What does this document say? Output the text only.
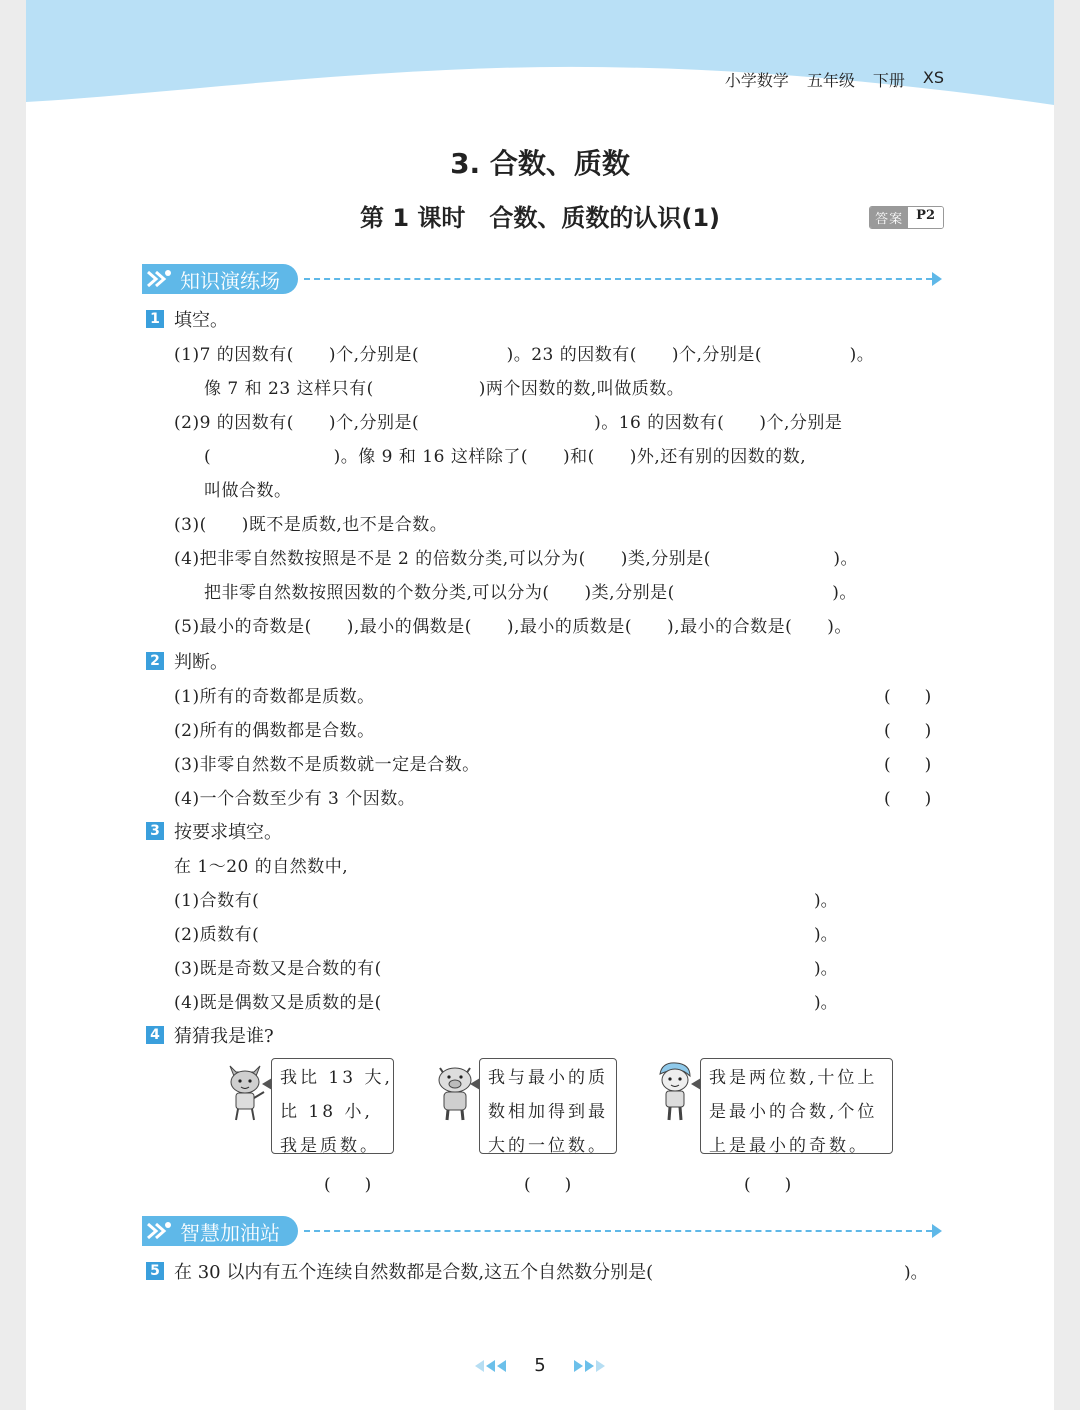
小学数学 五年级 下册 XS
3. 合数、质数
第 1 课时　合数、质数的认识(1)	答案	P2
知识演练场
1 填空。
(1)7 的因数有(　　)个,分别是(　　　　　)。23 的因数有(　　)个,分别是(　　　　　)。
像 7 和 23 这样只有(　　　　　　)两个因数的数,叫做质数。
(2)9 的因数有(　　)个,分别是(　　　　　　　　　　)。16 的因数有(　　)个,分别是
(　　　　　　　)。像 9 和 16 这样除了(　　)和(　　)外,还有别的因数的数,
叫做合数。
(3)(　　)既不是质数,也不是合数。
(4)把非零自然数按照是不是 2 的倍数分类,可以分为(　　)类,分别是(　　　　　　　)。
把非零自然数按照因数的个数分类,可以分为(　　)类,分别是(　　　　　　　　　)。
(5)最小的奇数是(　　),最小的偶数是(　　),最小的质数是(　　),最小的合数是(　　)。
2 判断。
(1)所有的奇数都是质数。	(　　)
(2)所有的偶数都是合数。	(　　)
(3)非零自然数不是质数就一定是合数。	(　　)
(4)一个合数至少有 3 个因数。	(　　)
3 按要求填空。
在 1～20 的自然数中,
(1)合数有(	)。
(2)质数有(	)。
(3)既是奇数又是合数的有(	)。
(4)既是偶数又是质数的是(	)。
4 猜猜我是谁?
我比 13 大,
比 18 小,
我是质数。
(　　)
我与最小的质
数相加得到最
大的一位数。
(　　)
我是两位数,十位上
是最小的合数,个位
上是最小的奇数。
(　　)
智慧加油站
5 在 30 以内有五个连续自然数都是合数,这五个自然数分别是(	)。
5
